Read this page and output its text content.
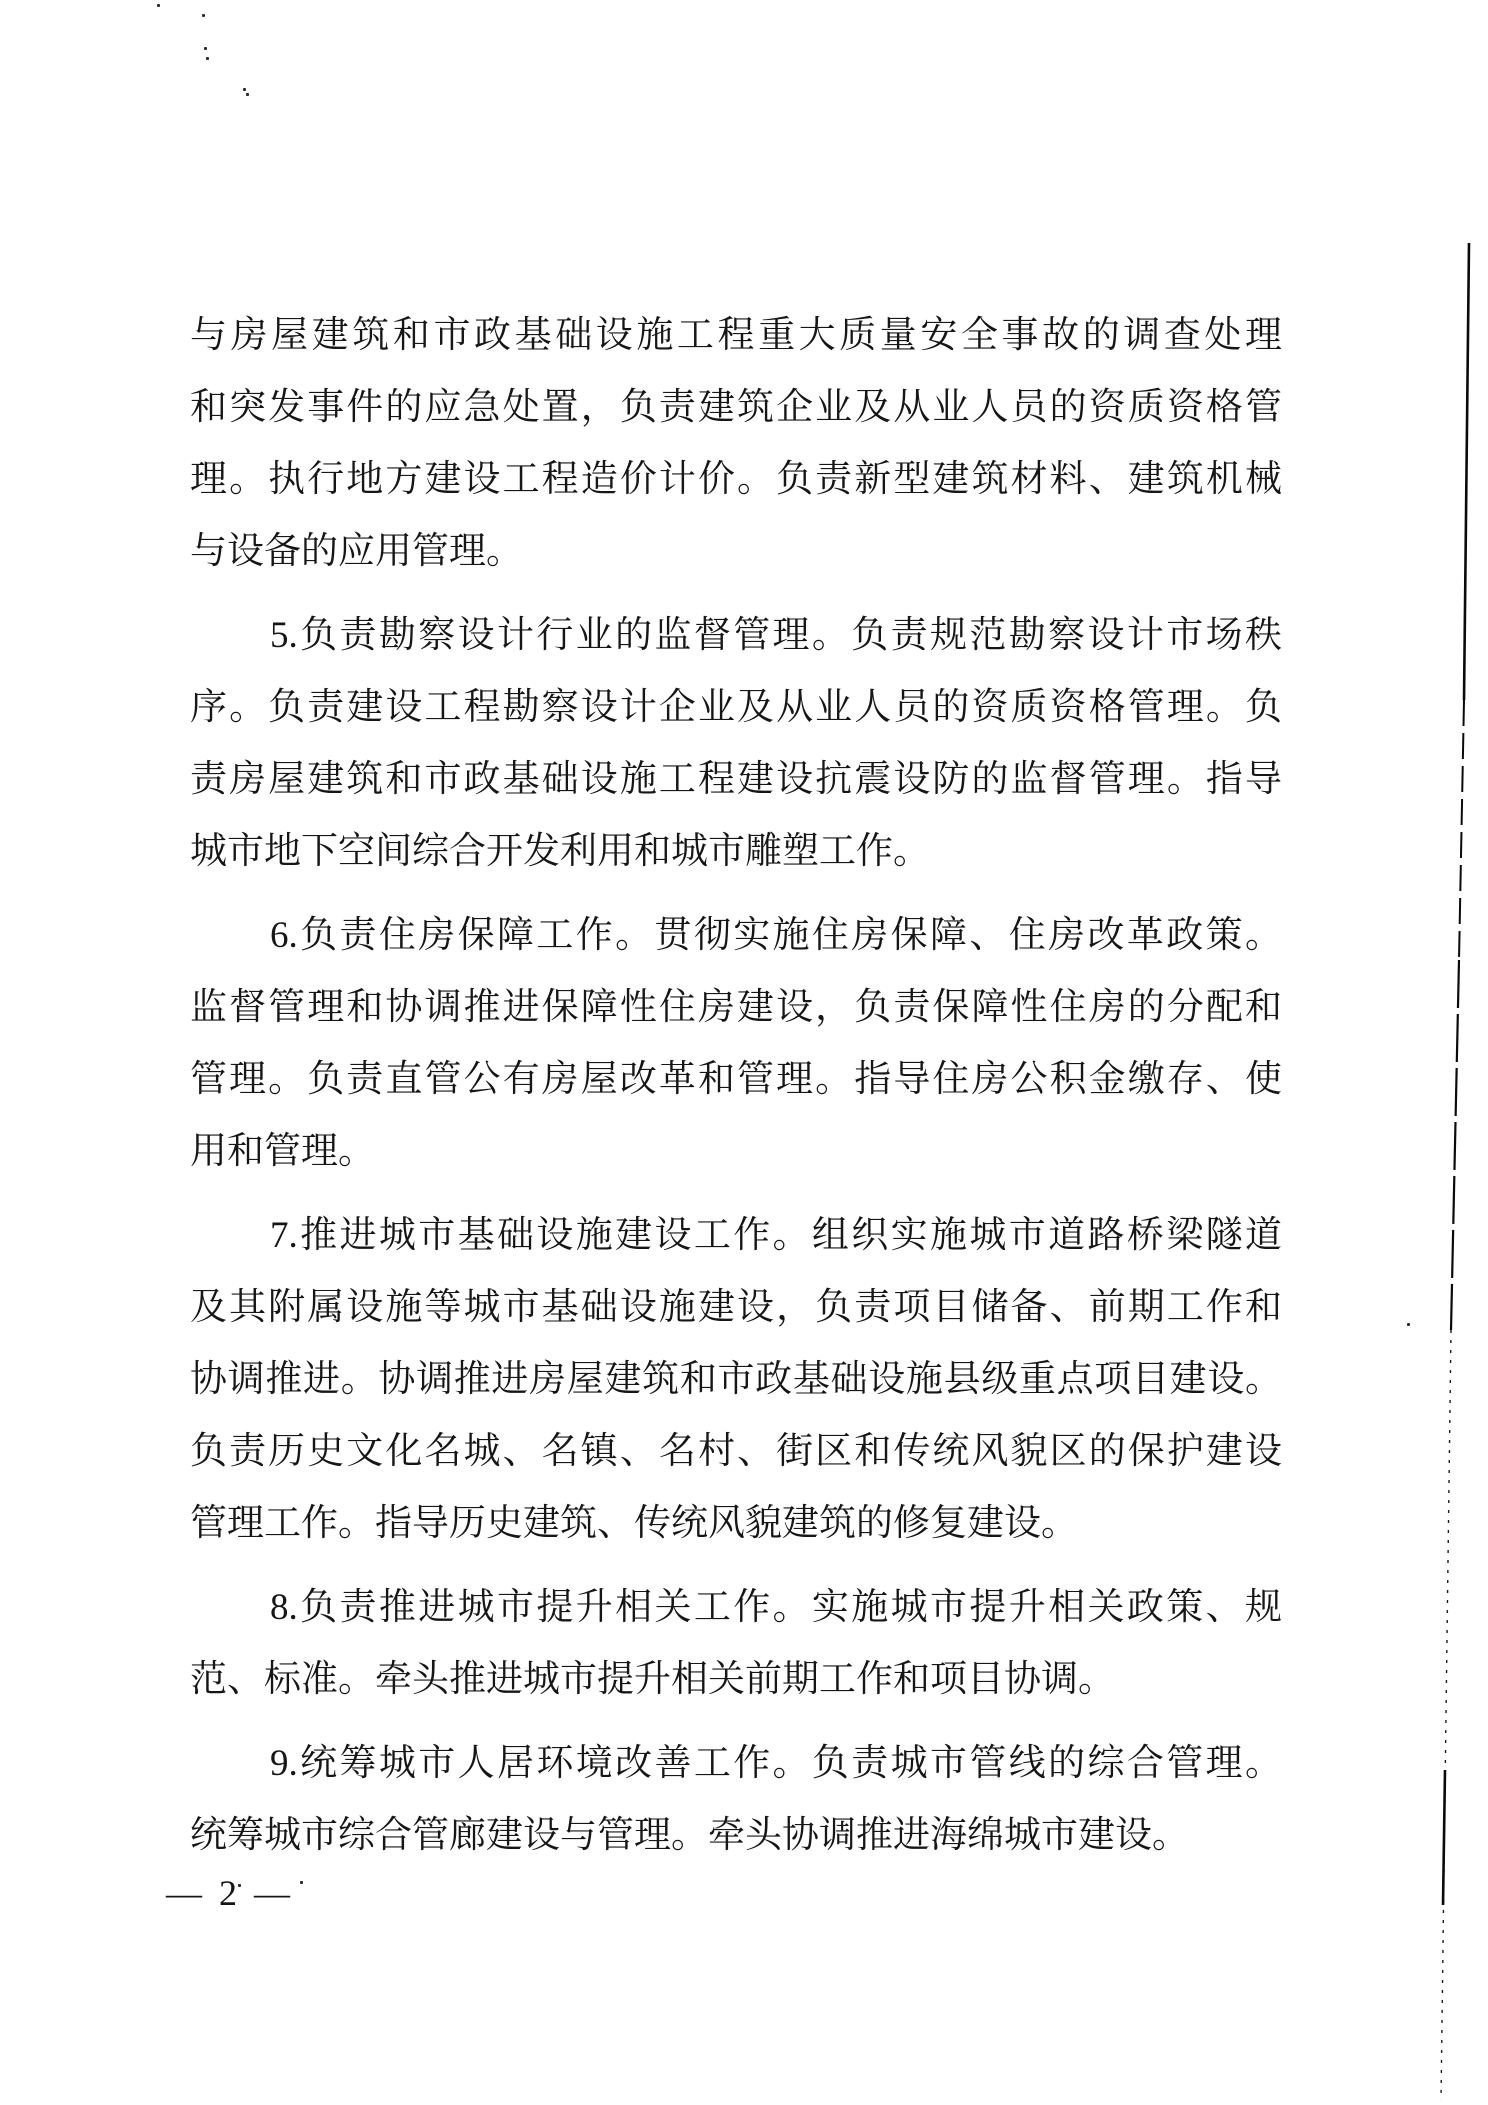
与房屋建筑和市政基础设施工程重大质量安全事故的调查处理
和突发事件的应急处置，负责建筑企业及从业人员的资质资格管
理。执行地方建设工程造价计价。负责新型建筑材料、建筑机械
与设备的应用管理。
5.负责勘察设计行业的监督管理。负责规范勘察设计市场秩
序。负责建设工程勘察设计企业及从业人员的资质资格管理。负
责房屋建筑和市政基础设施工程建设抗震设防的监督管理。指导
城市地下空间综合开发利用和城市雕塑工作。
6.负责住房保障工作。贯彻实施住房保障、住房改革政策。
监督管理和协调推进保障性住房建设，负责保障性住房的分配和
管理。负责直管公有房屋改革和管理。指导住房公积金缴存、使
用和管理。
7.推进城市基础设施建设工作。组织实施城市道路桥梁隧道
及其附属设施等城市基础设施建设，负责项目储备、前期工作和
协调推进。协调推进房屋建筑和市政基础设施县级重点项目建设。
负责历史文化名城、名镇、名村、街区和传统风貌区的保护建设
管理工作。指导历史建筑、传统风貌建筑的修复建设。
8.负责推进城市提升相关工作。实施城市提升相关政策、规
范、标准。牵头推进城市提升相关前期工作和项目协调。
9.统筹城市人居环境改善工作。负责城市管线的综合管理。
统筹城市综合管廊建设与管理。牵头协调推进海绵城市建设。
— 2 —
